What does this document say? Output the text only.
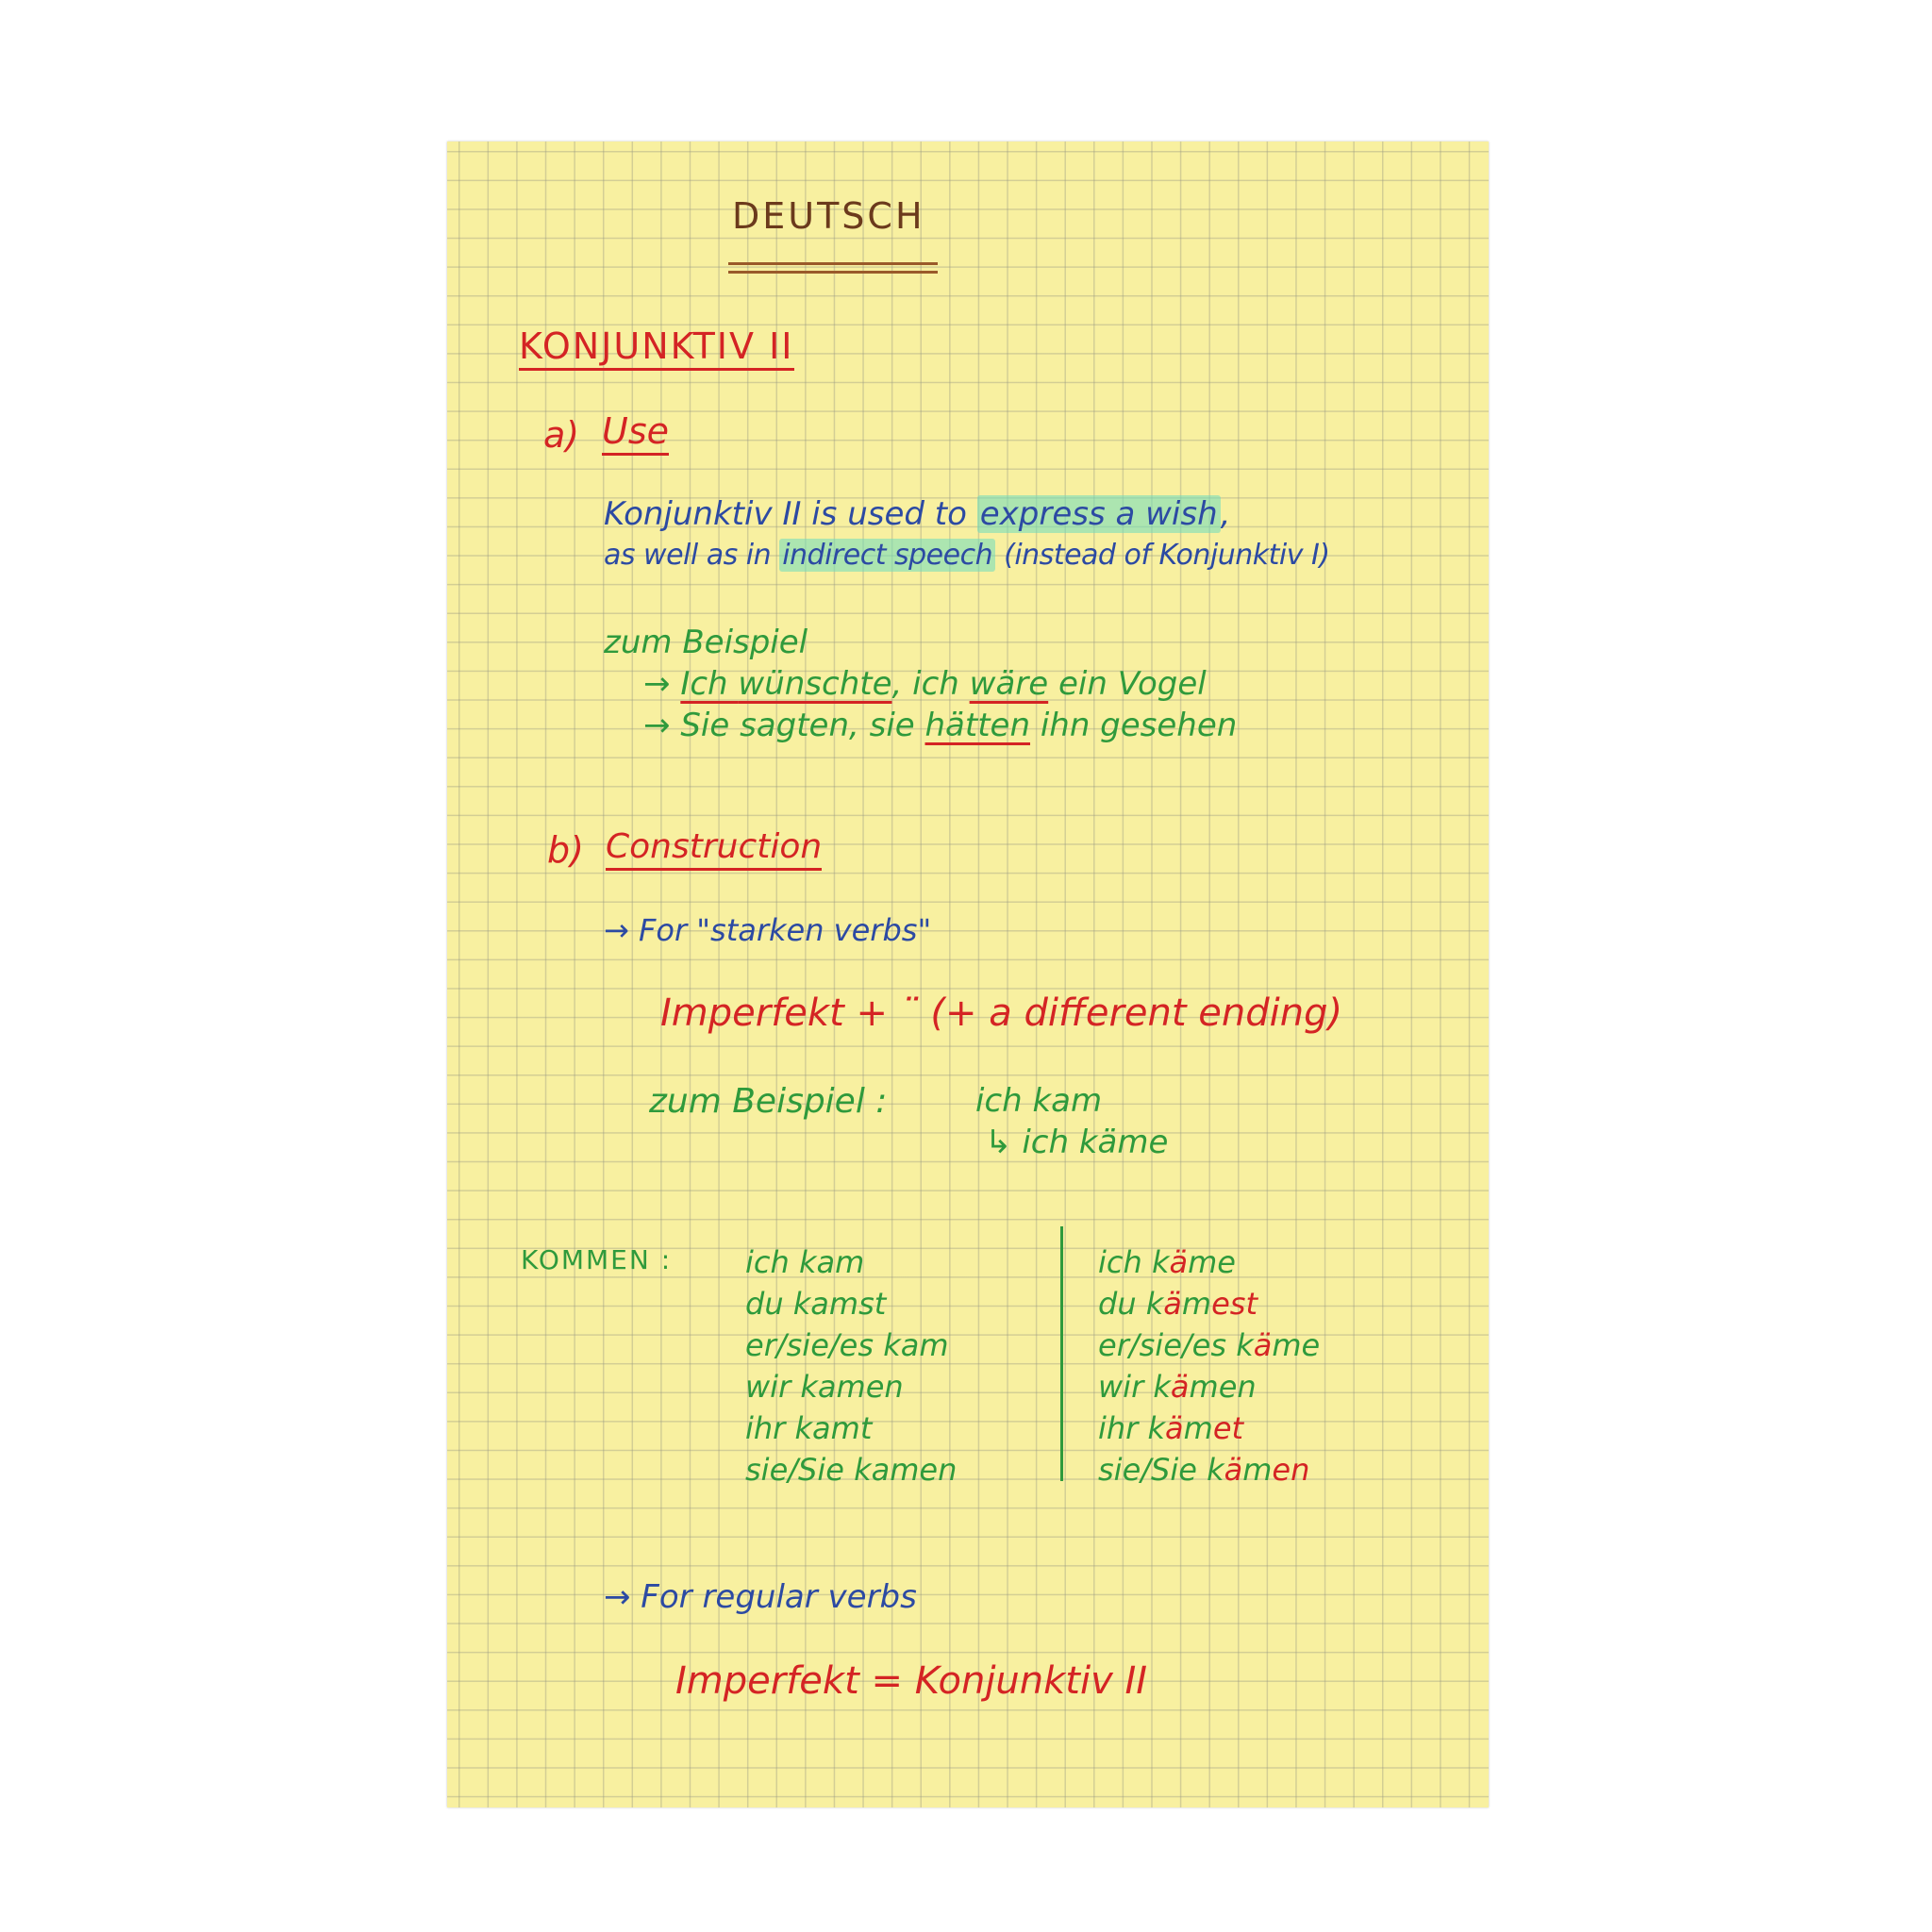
DEUTSCH
KONJUNKTIV II
a) Use
Konjunktiv II is used to express a wish,
as well as in indirect speech (instead of Konjunktiv I)
zum Beispiel
→ Ich wünschte, ich wäre ein Vogel
→ Sie sagten, sie hätten ihn gesehen
b) Construction
→ For "starken verbs"
Imperfekt + ¨ (+ a different ending)
zum Beispiel :	ich kam
↳ ich käme
KOMMEN : ich kam
du kamst
er/sie/es kam
wir kamen
ihr kamt
sie/Sie kamen
ich käme
du kämest
er/sie/es käme
wir kämen
ihr kämet
sie/Sie kämen
→ For regular verbs
Imperfekt = Konjunktiv II
